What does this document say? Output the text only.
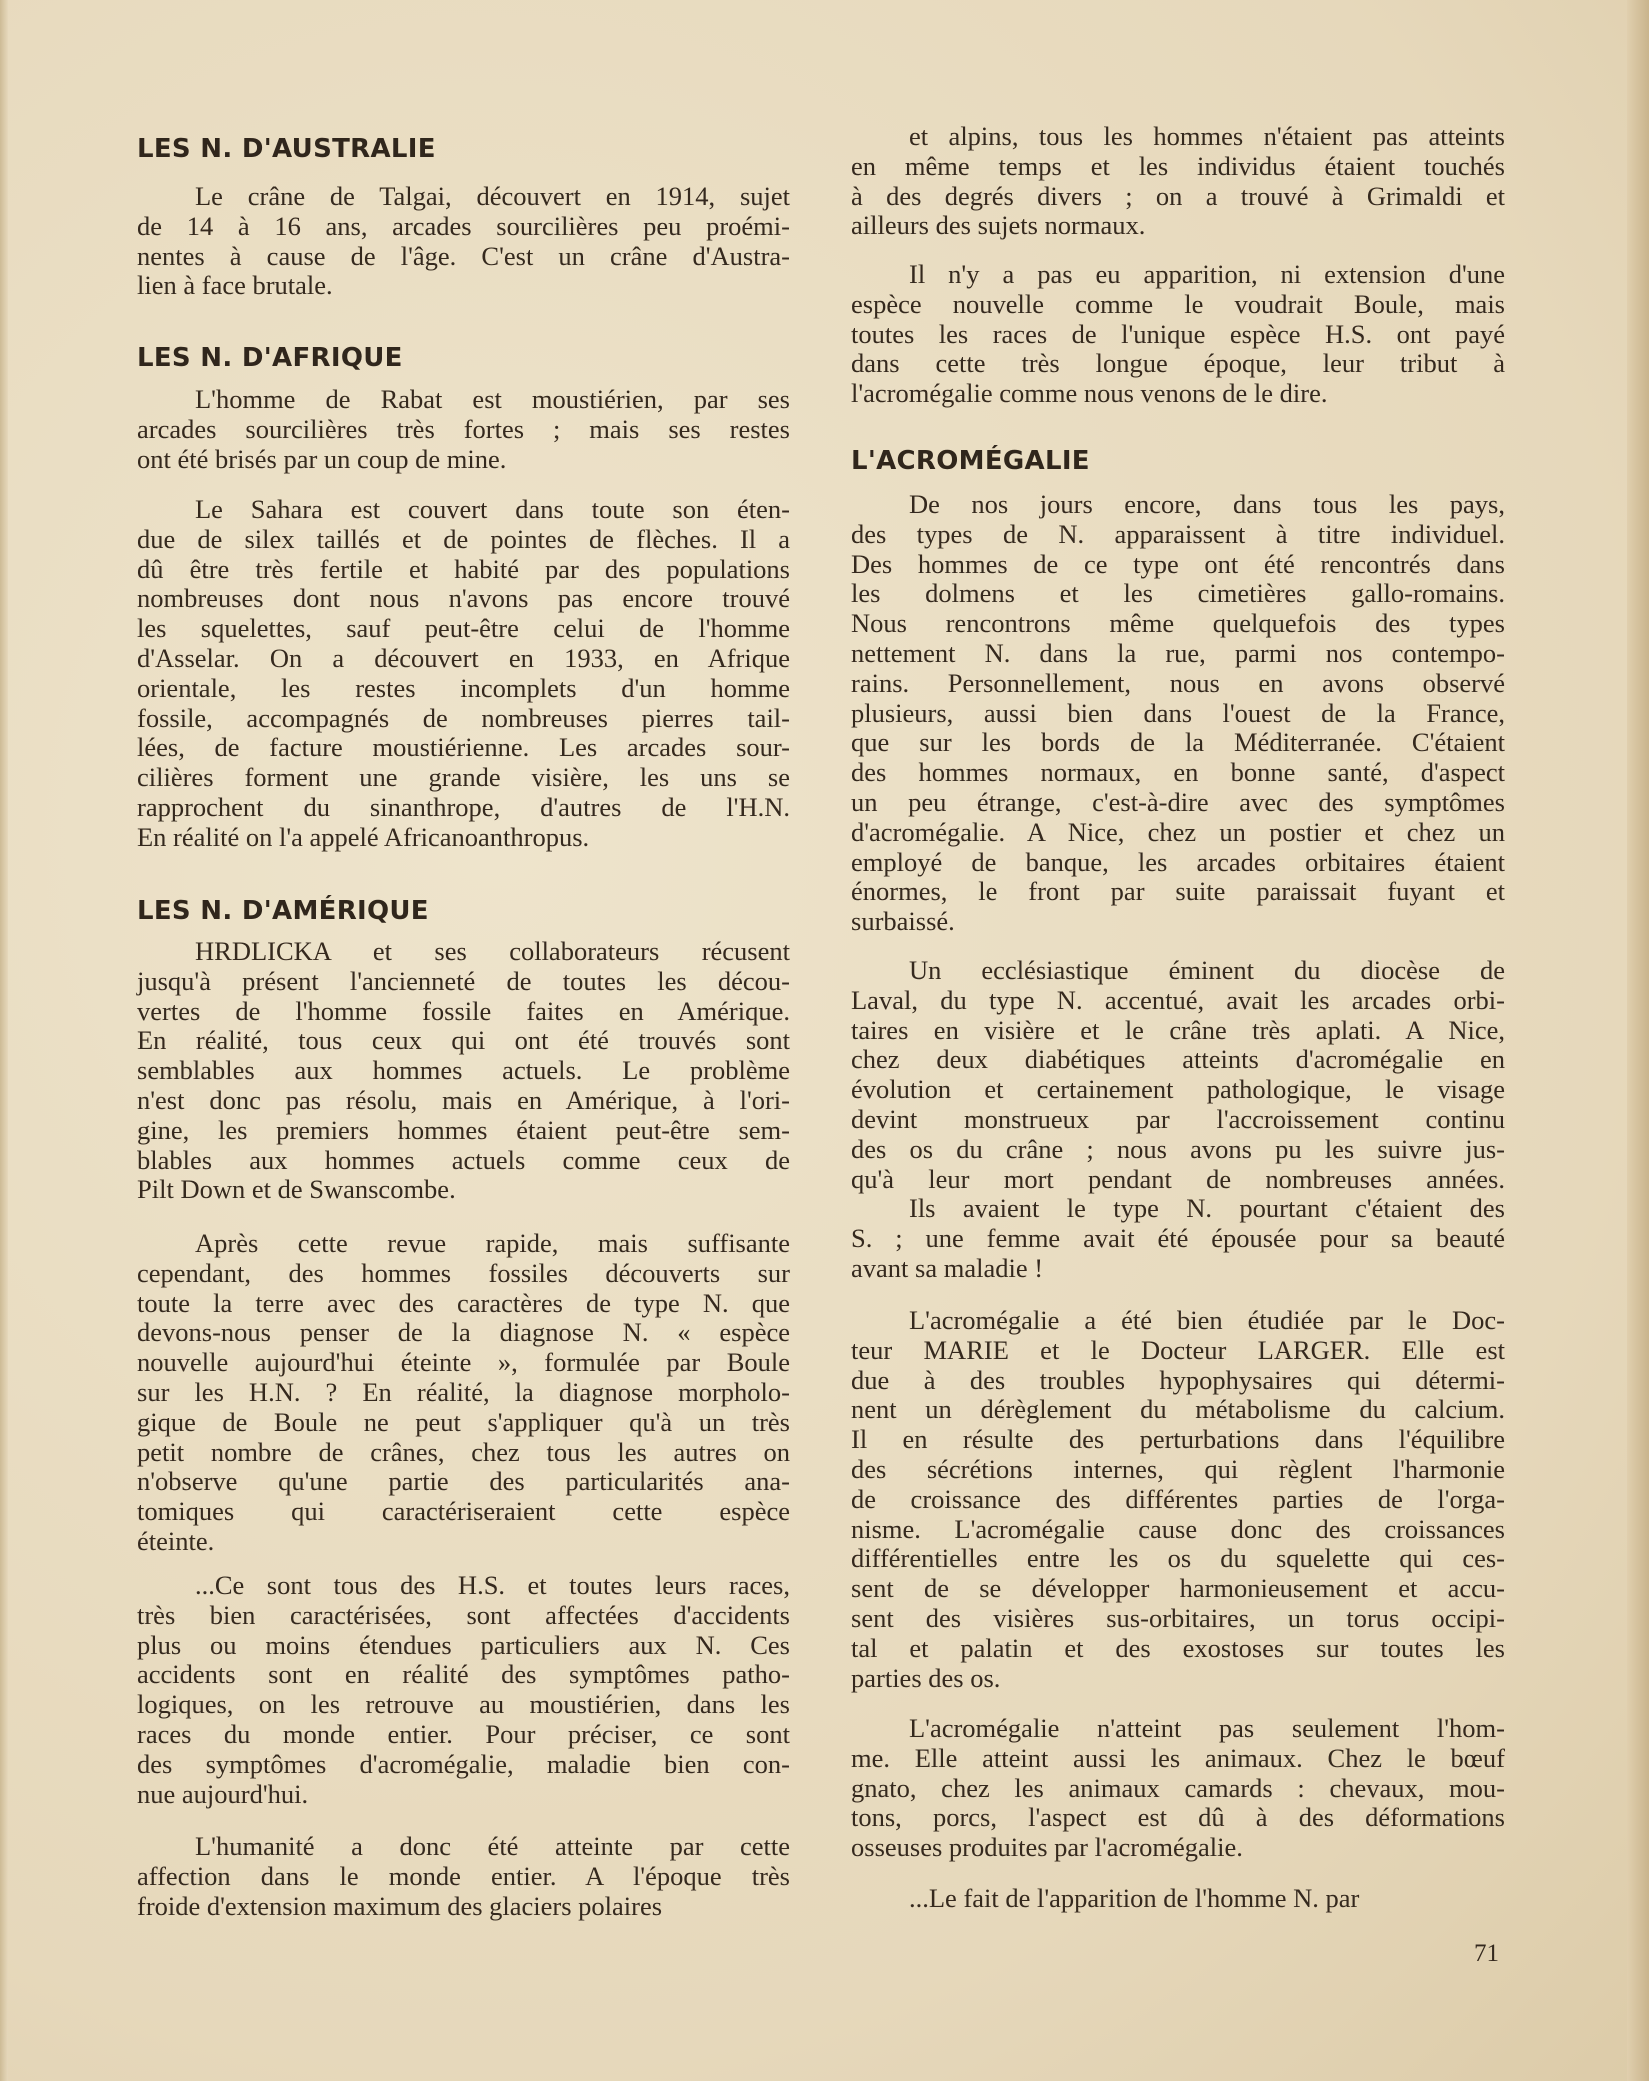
LES N. D'AUSTRALIE
Le crâne de Talgai, découvert en 1914, sujet
de 14 à 16 ans, arcades sourcilières peu proémi-
nentes à cause de l'âge. C'est un crâne d'Austra-
lien à face brutale.
LES N. D'AFRIQUE
L'homme de Rabat est moustiérien, par ses
arcades sourcilières très fortes ; mais ses restes
ont été brisés par un coup de mine.
Le Sahara est couvert dans toute son éten-
due de silex taillés et de pointes de flèches. Il a
dû être très fertile et habité par des populations
nombreuses dont nous n'avons pas encore trouvé
les squelettes, sauf peut-être celui de l'homme
d'Asselar. On a découvert en 1933, en Afrique
orientale, les restes incomplets d'un homme
fossile, accompagnés de nombreuses pierres tail-
lées, de facture moustiérienne. Les arcades sour-
cilières forment une grande visière, les uns se
rapprochent du sinanthrope, d'autres de l'H.N.
En réalité on l'a appelé Africanoanthropus.
LES N. D'AMÉRIQUE
HRDLICKA et ses collaborateurs récusent
jusqu'à présent l'ancienneté de toutes les décou-
vertes de l'homme fossile faites en Amérique.
En réalité, tous ceux qui ont été trouvés sont
semblables aux hommes actuels. Le problème
n'est donc pas résolu, mais en Amérique, à l'ori-
gine, les premiers hommes étaient peut-être sem-
blables aux hommes actuels comme ceux de
Pilt Down et de Swanscombe.
Après cette revue rapide, mais suffisante
cependant, des hommes fossiles découverts sur
toute la terre avec des caractères de type N. que
devons-nous penser de la diagnose N. « espèce
nouvelle aujourd'hui éteinte », formulée par Boule
sur les H.N. ? En réalité, la diagnose morpholo-
gique de Boule ne peut s'appliquer qu'à un très
petit nombre de crânes, chez tous les autres on
n'observe qu'une partie des particularités ana-
tomiques qui caractériseraient cette espèce
éteinte.
...Ce sont tous des H.S. et toutes leurs races,
très bien caractérisées, sont affectées d'accidents
plus ou moins étendues particuliers aux N. Ces
accidents sont en réalité des symptômes patho-
logiques, on les retrouve au moustiérien, dans les
races du monde entier. Pour préciser, ce sont
des symptômes d'acromégalie, maladie bien con-
nue aujourd'hui.
L'humanité a donc été atteinte par cette
affection dans le monde entier. A l'époque très
froide d'extension maximum des glaciers polaires
et alpins, tous les hommes n'étaient pas atteints
en même temps et les individus étaient touchés
à des degrés divers ; on a trouvé à Grimaldi et
ailleurs des sujets normaux.
Il n'y a pas eu apparition, ni extension d'une
espèce nouvelle comme le voudrait Boule, mais
toutes les races de l'unique espèce H.S. ont payé
dans cette très longue époque, leur tribut à
l'acromégalie comme nous venons de le dire.
L'ACROMÉGALIE
De nos jours encore, dans tous les pays,
des types de N. apparaissent à titre individuel.
Des hommes de ce type ont été rencontrés dans
les dolmens et les cimetières gallo-romains.
Nous rencontrons même quelquefois des types
nettement N. dans la rue, parmi nos contempo-
rains. Personnellement, nous en avons observé
plusieurs, aussi bien dans l'ouest de la France,
que sur les bords de la Méditerranée. C'étaient
des hommes normaux, en bonne santé, d'aspect
un peu étrange, c'est-à-dire avec des symptômes
d'acromégalie. A Nice, chez un postier et chez un
employé de banque, les arcades orbitaires étaient
énormes, le front par suite paraissait fuyant et
surbaissé.
Un ecclésiastique éminent du diocèse de
Laval, du type N. accentué, avait les arcades orbi-
taires en visière et le crâne très aplati. A Nice,
chez deux diabétiques atteints d'acromégalie en
évolution et certainement pathologique, le visage
devint monstrueux par l'accroissement continu
des os du crâne ; nous avons pu les suivre jus-
qu'à leur mort pendant de nombreuses années.
Ils avaient le type N. pourtant c'étaient des
S. ; une femme avait été épousée pour sa beauté
avant sa maladie !
L'acromégalie a été bien étudiée par le Doc-
teur MARIE et le Docteur LARGER. Elle est
due à des troubles hypophysaires qui détermi-
nent un dérèglement du métabolisme du calcium.
Il en résulte des perturbations dans l'équilibre
des sécrétions internes, qui règlent l'harmonie
de croissance des différentes parties de l'orga-
nisme. L'acromégalie cause donc des croissances
différentielles entre les os du squelette qui ces-
sent de se développer harmonieusement et accu-
sent des visières sus-orbitaires, un torus occipi-
tal et palatin et des exostoses sur toutes les
parties des os.
L'acromégalie n'atteint pas seulement l'hom-
me. Elle atteint aussi les animaux. Chez le bœuf
gnato, chez les animaux camards : chevaux, mou-
tons, porcs, l'aspect est dû à des déformations
osseuses produites par l'acromégalie.
...Le fait de l'apparition de l'homme N. par
71
